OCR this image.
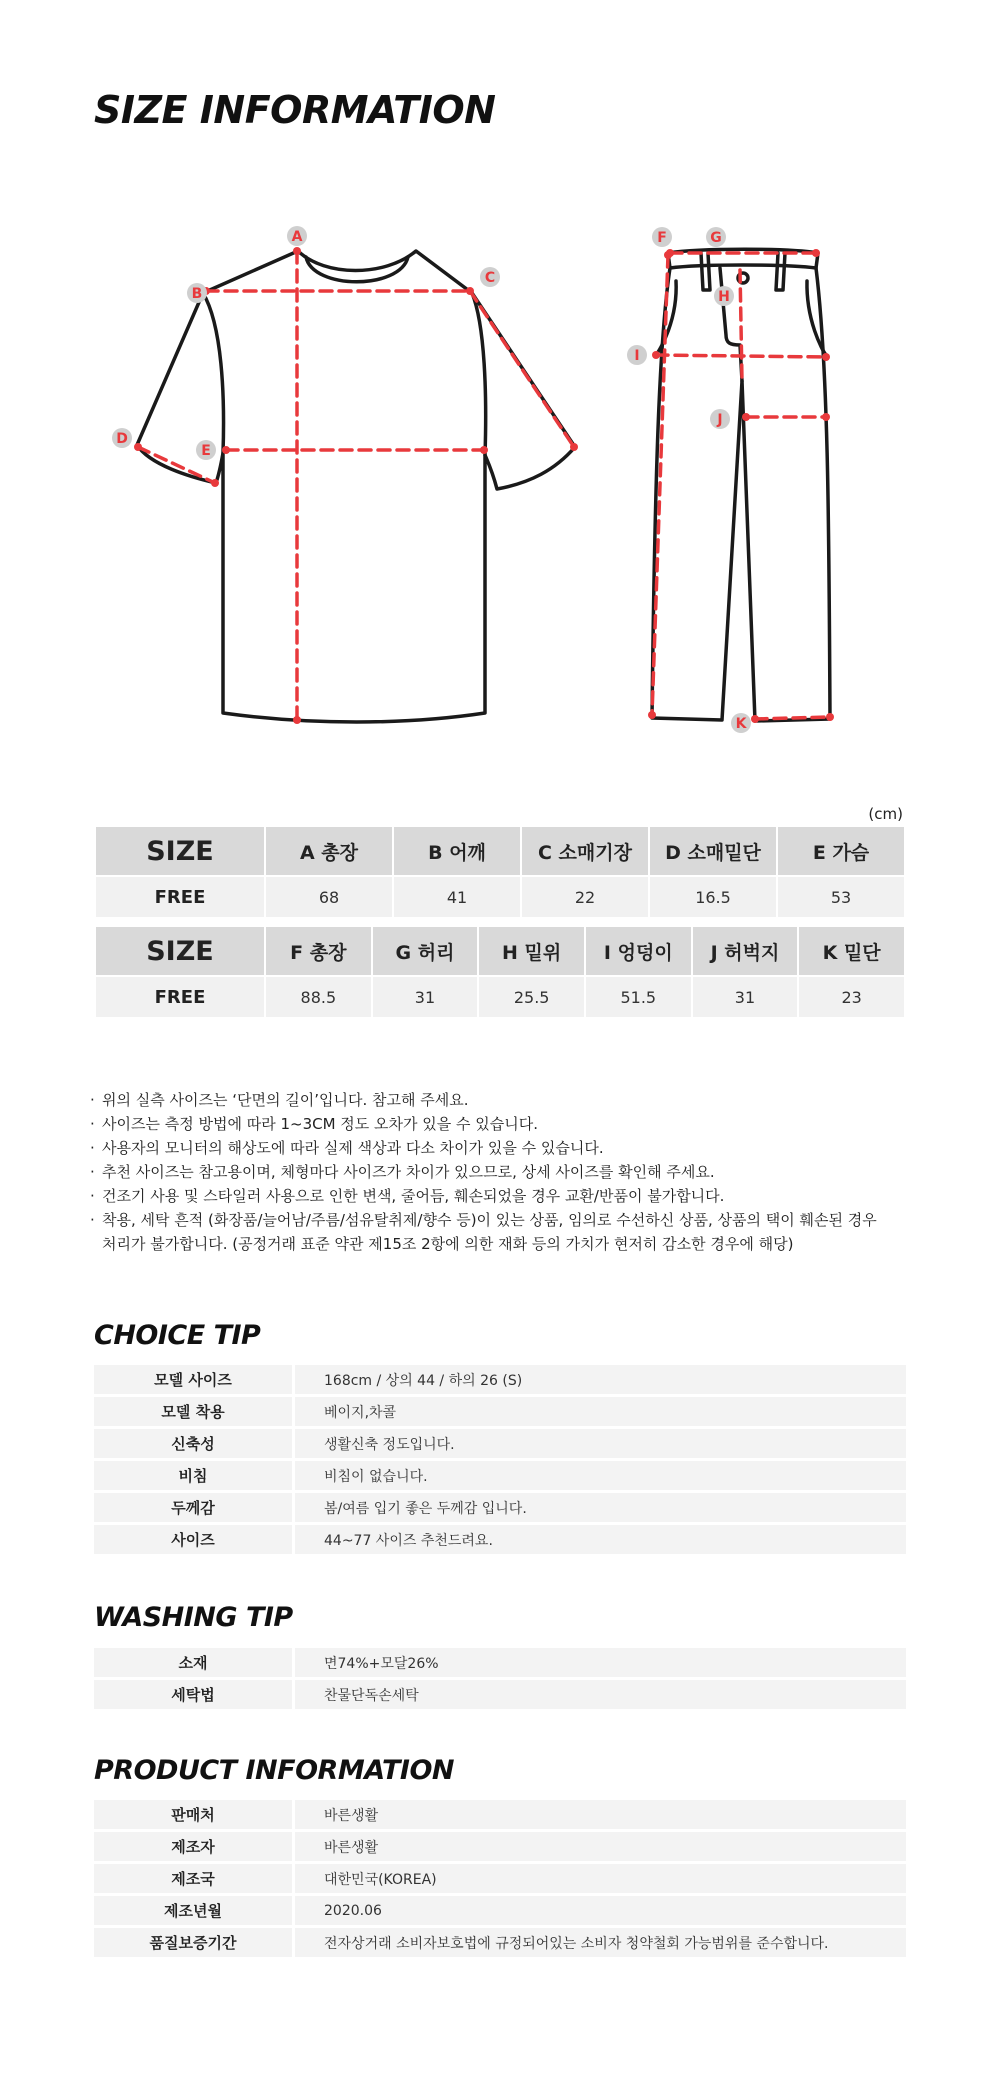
SIZE INFORMATION
A
B
C
D
E
F	G
H
I
J
K
(cm)
SIZE	A 총장	B 어깨	C 소매기장	D 소매밑단	E 가슴
FREE	68	41	22	16.5	53
SIZE	F 총장	G 허리	H 밑위	I 엉덩이	J 허벅지	K 밑단
FREE	88.5	31	25.5	51.5	31	23
· 위의 실측 사이즈는 ‘단면의 길이’입니다. 참고해 주세요.
· 사이즈는 측정 방법에 따라 1~3CM 정도 오차가 있을 수 있습니다.
· 사용자의 모니터의 해상도에 따라 실제 색상과 다소 차이가 있을 수 있습니다.
· 추천 사이즈는 참고용이며, 체형마다 사이즈가 차이가 있으므로, 상세 사이즈를 확인해 주세요.
· 건조기 사용 및 스타일러 사용으로 인한 변색, 줄어듬, 훼손되었을 경우 교환/반품이 불가합니다.
· 착용, 세탁 흔적 (화장품/늘어남/주름/섬유탈취제/향수 등)이 있는 상품, 임의로 수선하신 상품, 상품의 택이 훼손된 경우
처리가 불가합니다. (공정거래 표준 약관 제15조 2항에 의한 재화 등의 가치가 현저히 감소한 경우에 해당)
CHOICE TIP
모델 사이즈	168cm / 상의 44 / 하의 26 (S)
모델 착용	베이지,차콜
신축성	생활신축 정도입니다.
비침	비침이 없습니다.
두께감	봄/여름 입기 좋은 두께감 입니다.
사이즈	44~77 사이즈 추천드려요.
WASHING TIP
소재	면74%+모달26%
세탁법	찬물단독손세탁
PRODUCT INFORMATION
판매처	바른생활
제조자	바른생활
제조국	대한민국(KOREA)
제조년월	2020.06
품질보증기간	전자상거래 소비자보호법에 규정되어있는 소비자 청약철회 가능범위를 준수합니다.
